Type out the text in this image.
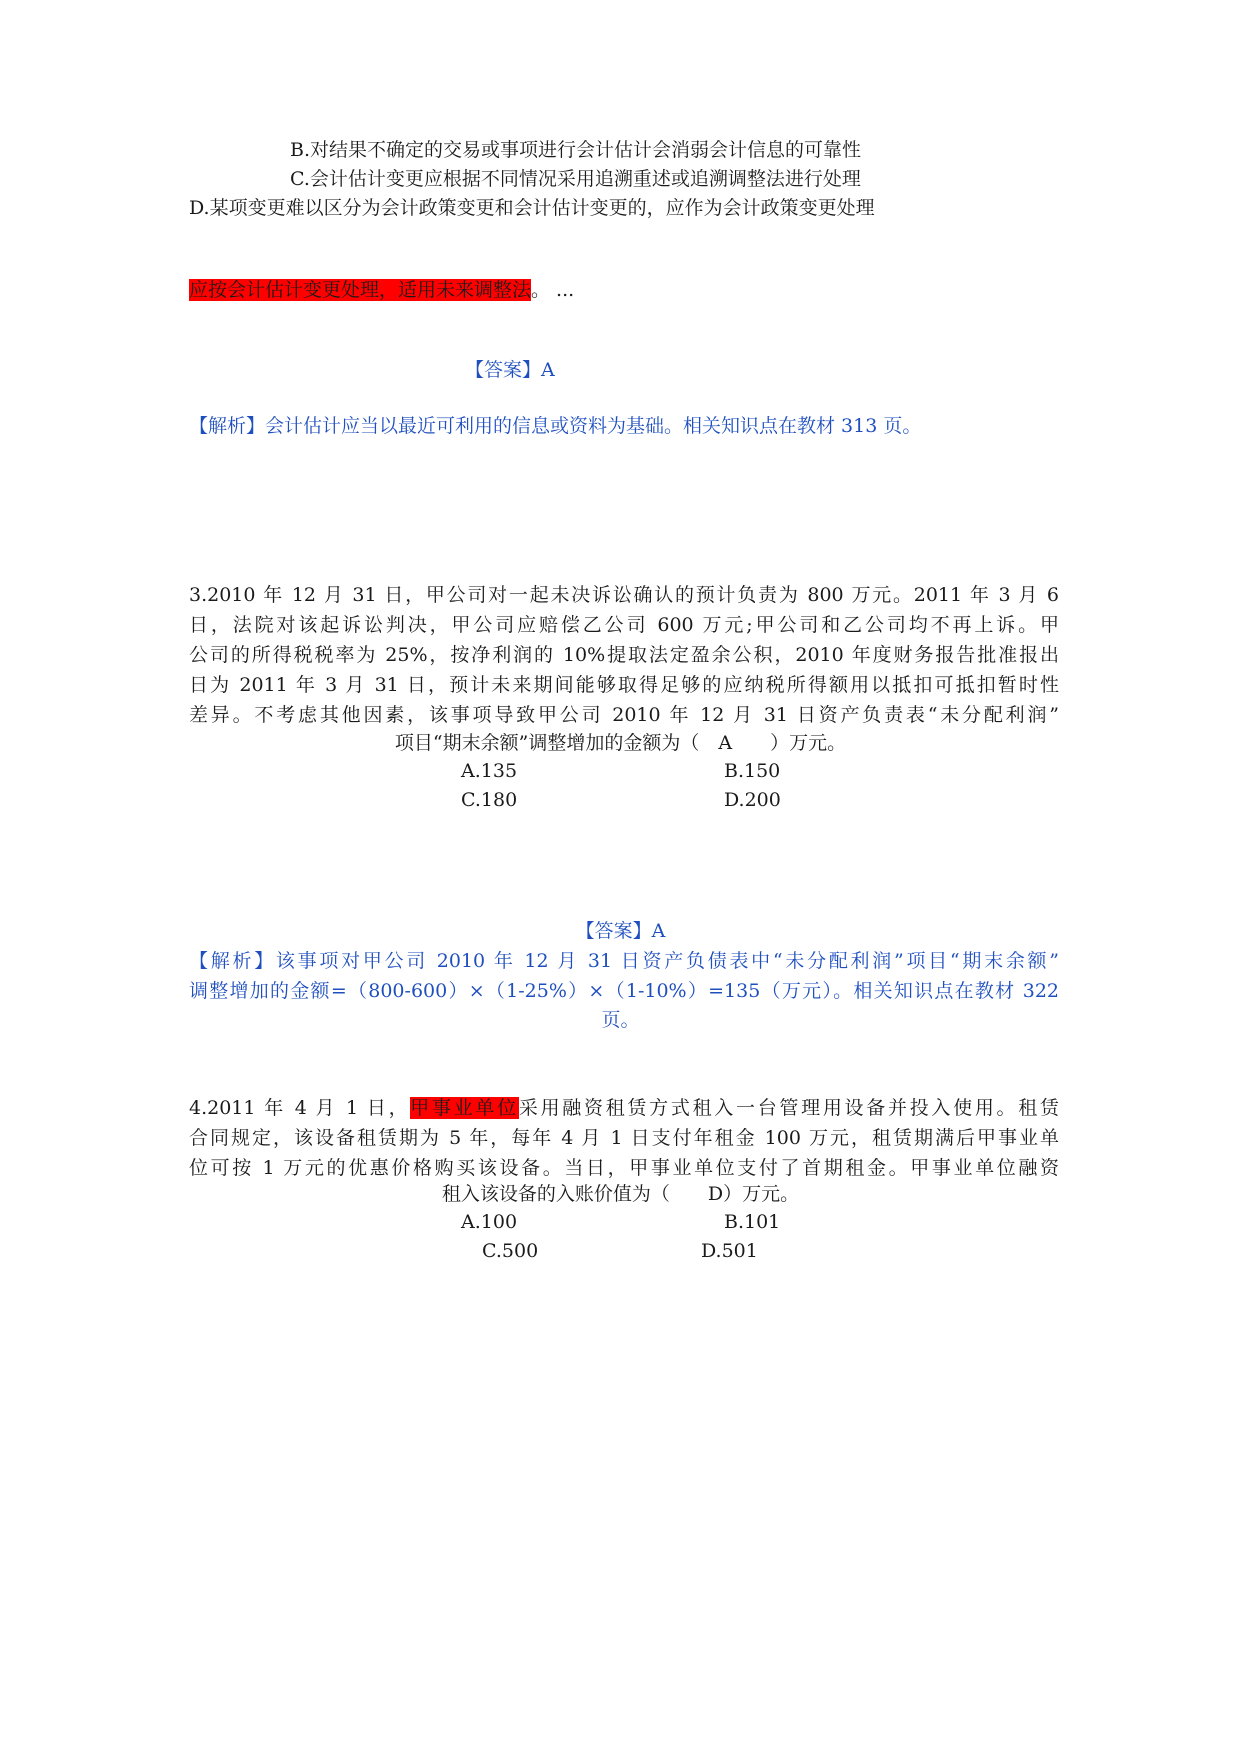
B.对结果不确定的交易或事项进行会计估计会消弱会计信息的可靠性
C.会计估计变更应根据不同情况采用追溯重述或追溯调整法进行处理
D.某项变更难以区分为会计政策变更和会计估计变更的，应作为会计政策变更处理
应按会计估计变更处理，适用未来调整法。 ...
【答案】A
【解析】会计估计应当以最近可利用的信息或资料为基础。相关知识点在教材 313 页。
3.2010 年 12 月 31 日，甲公司对一起未决诉讼确认的预计负责为 800 万元。2011 年 3 月 6
日，法院对该起诉讼判决，甲公司应赔偿乙公司 600 万元;甲公司和乙公司均不再上诉。甲
公司的所得税税率为 25%，按净利润的 10%提取法定盈余公积，2010 年度财务报告批准报出
日为 2011 年 3 月 31 日，预计未来期间能够取得足够的应纳税所得额用以抵扣可抵扣暂时性
差异。不考虑其他因素，该事项导致甲公司 2010 年 12 月 31 日资产负责表“未分配利润”
项目“期末余额”调整增加的金额为（　A　　）万元。
A.135	B.150
C.180	D.200
【答案】A
【解析】该事项对甲公司 2010 年 12 月 31 日资产负债表中“未分配利润”项目“期末余额”
调整增加的金额=（800-600）×（1-25%）×（1-10%）=135（万元）。相关知识点在教材 322
页。
4.2011 年 4 月 1 日，甲事业单位采用融资租赁方式租入一台管理用设备并投入使用。租赁
合同规定，该设备租赁期为 5 年，每年 4 月 1 日支付年租金 100 万元，租赁期满后甲事业单
位可按 1 万元的优惠价格购买该设备。当日，甲事业单位支付了首期租金。甲事业单位融资
租入该设备的入账价值为（　　D）万元。
A.100	B.101
C.500	D.501
